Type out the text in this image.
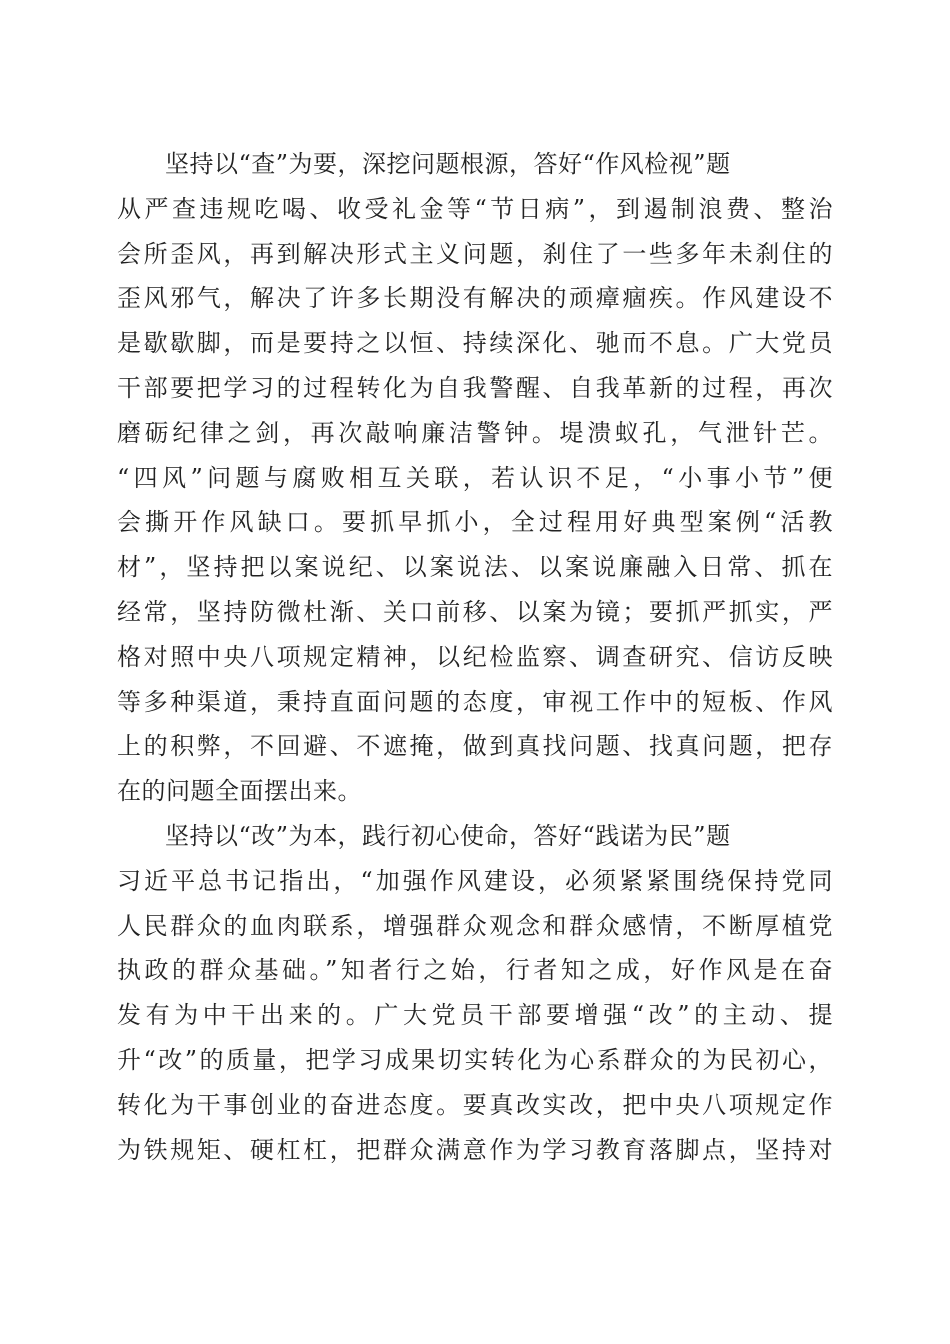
坚持以“查”为要，深挖问题根源，答好“作风检视”题
从严查违规吃喝、收受礼金等“节日病”，到遏制浪费、整治
会所歪风，再到解决形式主义问题，刹住了一些多年未刹住的
歪风邪气，解决了许多长期没有解决的顽瘴痼疾。作风建设不
是歇歇脚，而是要持之以恒、持续深化、驰而不息。广大党员
干部要把学习的过程转化为自我警醒、自我革新的过程，再次
磨砺纪律之剑，再次敲响廉洁警钟。堤溃蚁孔，气泄针芒。
“四风”问题与腐败相互关联，若认识不足，“小事小节”便
会撕开作风缺口。要抓早抓小，全过程用好典型案例“活教
材”，坚持把以案说纪、以案说法、以案说廉融入日常、抓在
经常，坚持防微杜渐、关口前移、以案为镜；要抓严抓实，严
格对照中央八项规定精神，以纪检监察、调查研究、信访反映
等多种渠道，秉持直面问题的态度，审视工作中的短板、作风
上的积弊，不回避、不遮掩，做到真找问题、找真问题，把存
在的问题全面摆出来。
坚持以“改”为本，践行初心使命，答好“践诺为民”题
习近平总书记指出，“加强作风建设，必须紧紧围绕保持党同
人民群众的血肉联系，增强群众观念和群众感情，不断厚植党
执政的群众基础。”知者行之始，行者知之成，好作风是在奋
发有为中干出来的。广大党员干部要增强“改”的主动、提
升“改”的质量，把学习成果切实转化为心系群众的为民初心，
转化为干事创业的奋进态度。要真改实改，把中央八项规定作
为铁规矩、硬杠杠，把群众满意作为学习教育落脚点，坚持对
